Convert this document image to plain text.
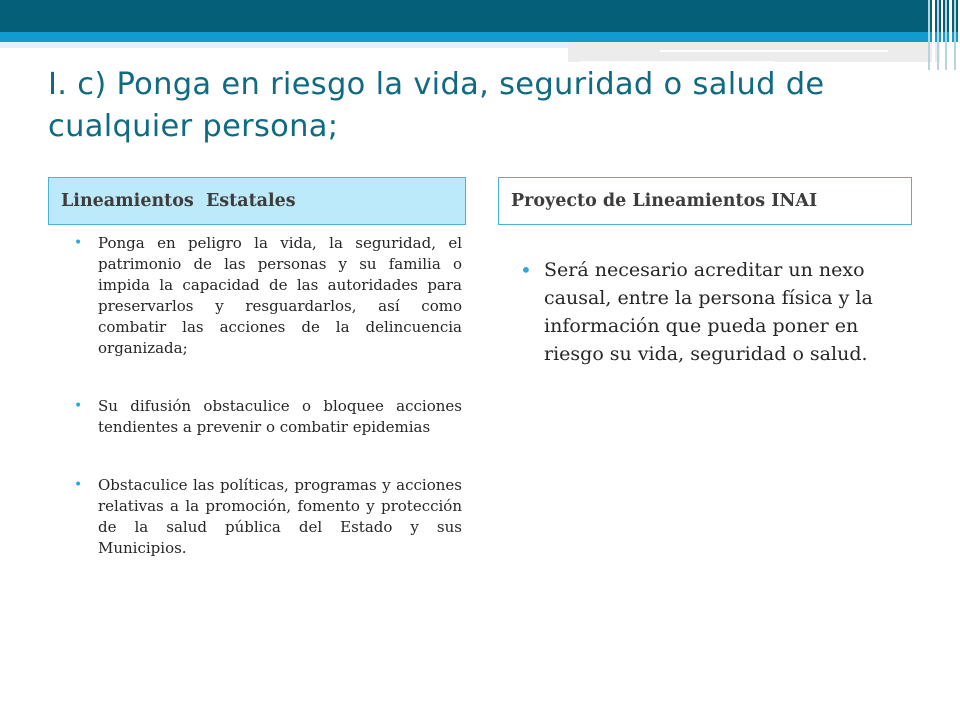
I. c) Ponga en riesgo la vida, seguridad o salud de cualquier persona;
Lineamientos  Estatales	Proyecto de Lineamientos INAI
• Ponga en peligro la vida, la seguridad, el patrimonio de las personas y su familia o impida la capacidad de las autoridades para preservarlos y resguardarlos, así como combatir las acciones de la delincuencia organizada;
• Su difusión obstaculice o bloquee acciones tendientes a prevenir o combatir epidemias
• Obstaculice las políticas, programas y acciones relativas a la promoción, fomento y protección de la salud pública del Estado y sus Municipios.
• Será necesario acreditar un nexo causal, entre la persona física y la información que pueda poner en riesgo su vida, seguridad o salud.
